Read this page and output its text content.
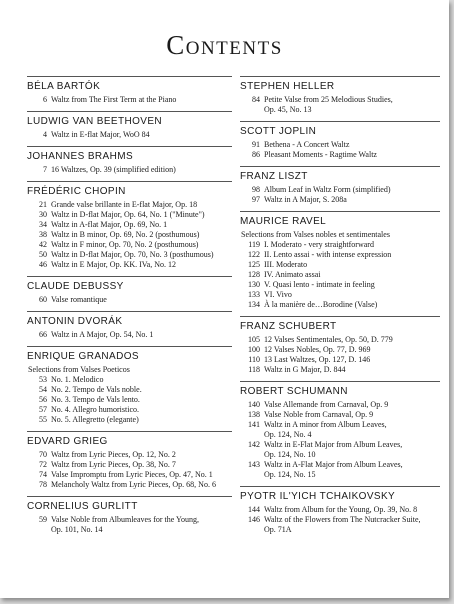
Contents
BÉLA BARTÓK
6 Waltz from The First Term at the Piano
LUDWIG VAN BEETHOVEN
4 Waltz in E-flat Major, WoO 84
JOHANNES BRAHMS
7 16 Waltzes, Op. 39 (simplified edition)
FRÉDÉRIC CHOPIN
21 Grande valse brillante in E-flat Major, Op. 18
30 Waltz in D-flat Major, Op. 64, No. 1 ("Minute")
34 Waltz in A-flat Major, Op. 69, No. 1
38 Waltz in B minor, Op. 69, No. 2 (posthumous)
42 Waltz in F minor, Op. 70, No. 2 (posthumous)
50 Waltz in D-flat Major, Op. 70, No. 3 (posthumous)
46 Waltz in E Major, Op. KK. IVa, No. 12
CLAUDE DEBUSSY
60 Valse romantique
ANTONIN DVORÁK
66 Waltz in A Major, Op. 54, No. 1
ENRIQUE GRANADOS
Selections from Valses Poeticos
53 No. 1. Melodico
54 No. 2. Tempo de Vals noble.
56 No. 3. Tempo de Vals lento.
57 No. 4. Allegro humoristico.
55 No. 5. Allegretto (elegante)
EDVARD GRIEG
70 Waltz from Lyric Pieces, Op. 12, No. 2
72 Waltz from Lyric Pieces, Op. 38, No. 7
74 Valse Impromptu from Lyric Pieces, Op. 47, No. 1
78 Melancholy Waltz from Lyric Pieces, Op. 68, No. 6
CORNELIUS GURLITT
59 Valse Noble from Albumleaves for the Young,
Op. 101, No. 14
STEPHEN HELLER
84 Petite Valse from 25 Melodious Studies,
Op. 45, No. 13
SCOTT JOPLIN
91 Bethena - A Concert Waltz
86 Pleasant Moments - Ragtime Waltz
FRANZ LISZT
98 Album Leaf in Waltz Form (simplified)
97 Waltz in A Major, S. 208a
MAURICE RAVEL
Selections from Valses nobles et sentimentales
119 I. Moderato - very straightforward
122 II. Lento assai - with intense expression
125 III. Moderato
128 IV. Animato assai
130 V. Quasi lento - intimate in feeling
133 VI. Vivo
134 À la manière de…Borodine (Valse)
FRANZ SCHUBERT
105 12 Valses Sentimentales, Op. 50, D. 779
100 12 Valses Nobles, Op. 77, D. 969
110 13 Last Waltzes, Op. 127, D. 146
118 Waltz in G Major, D. 844
ROBERT SCHUMANN
140 Valse Allemande from Carnaval, Op. 9
138 Valse Noble from Carnaval, Op. 9
141 Waltz in A minor from Album Leaves,
Op. 124, No. 4
142 Waltz in E-Flat Major from Album Leaves,
Op. 124, No. 10
143 Waltz in A-Flat Major from Album Leaves,
Op. 124, No. 15
PYOTR IL'YICH TCHAIKOVSKY
144 Waltz from Album for the Young, Op. 39, No. 8
146 Waltz of the Flowers from The Nutcracker Suite,
Op. 71A
